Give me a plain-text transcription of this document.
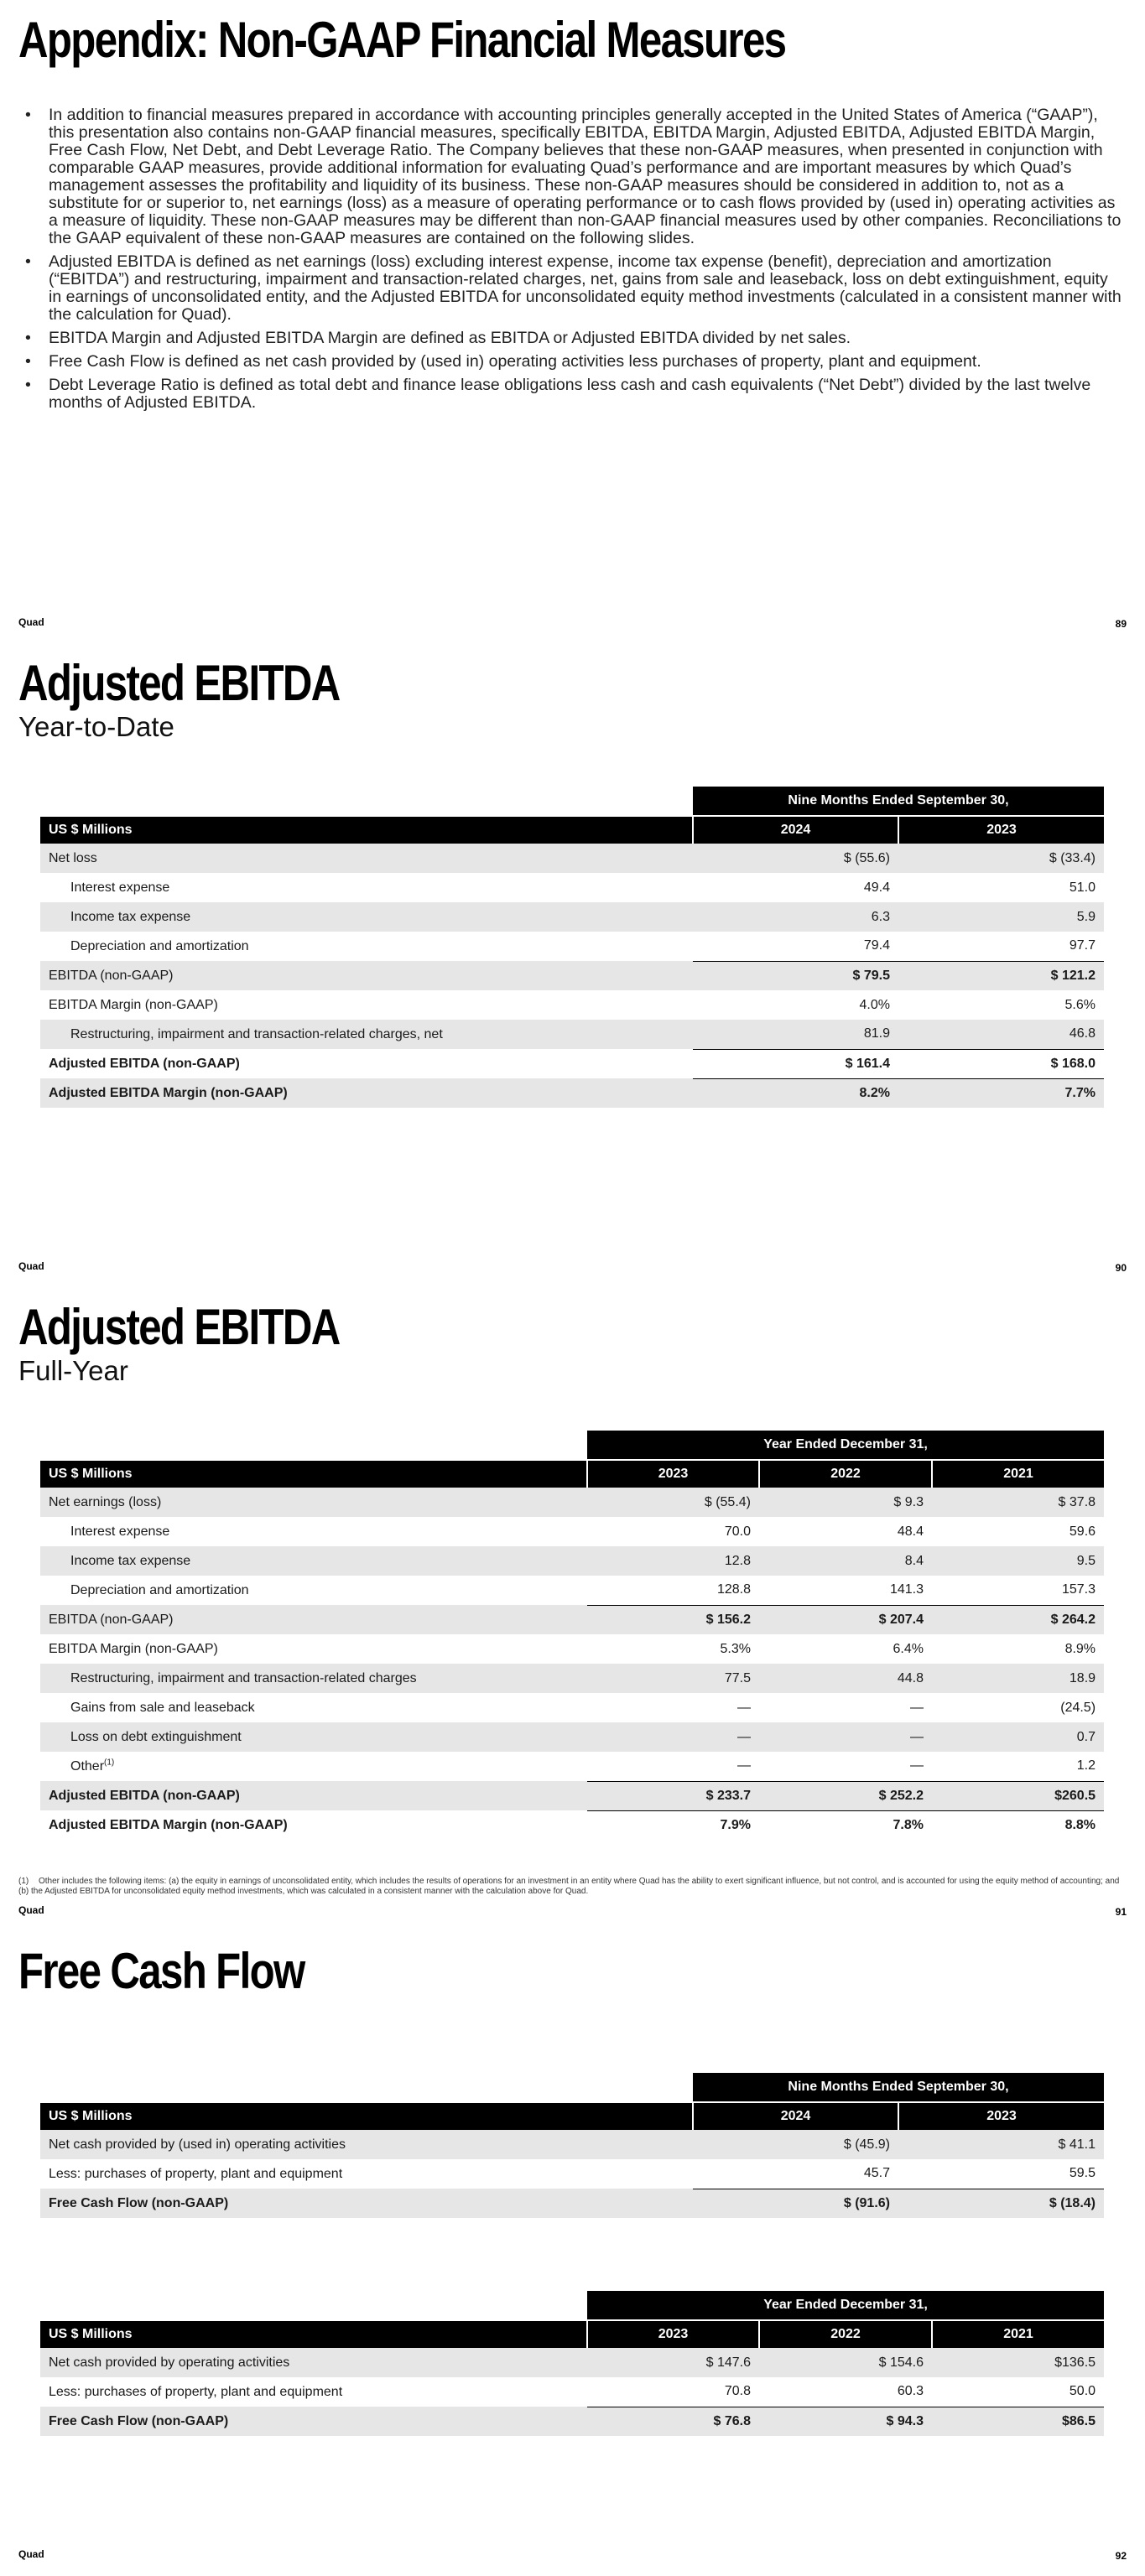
Appendix: Non-GAAP Financial Measures
• In addition to financial measures prepared in accordance with accounting principles generally accepted in the United States of America (“GAAP”), this presentation also contains non-GAAP financial measures, specifically EBITDA, EBITDA Margin, Adjusted EBITDA, Adjusted EBITDA Margin, Free Cash Flow, Net Debt, and Debt Leverage Ratio. The Company believes that these non-GAAP measures, when presented in conjunction with comparable GAAP measures, provide additional information for evaluating Quad’s performance and are important measures by which Quad’s management assesses the profitability and liquidity of its business. These non-GAAP measures should be considered in addition to, not as a substitute for or superior to, net earnings (loss) as a measure of operating performance or to cash flows provided by (used in) operating activities as a measure of liquidity. These non-GAAP measures may be different than non-GAAP financial measures used by other companies. Reconciliations to the GAAP equivalent of these non-GAAP measures are contained on the following slides.
• Adjusted EBITDA is defined as net earnings (loss) excluding interest expense, income tax expense (benefit), depreciation and amortization (“EBITDA”) and restructuring, impairment and transaction-related charges, net, gains from sale and leaseback, loss on debt extinguishment, equity in earnings of unconsolidated entity, and the Adjusted EBITDA for unconsolidated equity method investments (calculated in a consistent manner with the calculation for Quad).
• EBITDA Margin and Adjusted EBITDA Margin are defined as EBITDA or Adjusted EBITDA divided by net sales.
• Free Cash Flow is defined as net cash provided by (used in) operating activities less purchases of property, plant and equipment.
• Debt Leverage Ratio is defined as total debt and finance lease obligations less cash and cash equivalents (“Net Debt”) divided by the last twelve months of Adjusted EBITDA.
Quad	89
Adjusted EBITDA
Year-to-Date
	Nine Months Ended September 30,	
US $ Millions	2024	2023
Net loss	$ (55.6)	$ (33.4)
Interest expense	49.4	51.0
Income tax expense	6.3	5.9
Depreciation and amortization	79.4	97.7
EBITDA (non-GAAP)	$ 79.5	$ 121.2
EBITDA Margin (non-GAAP)	4.0%	5.6%
Restructuring, impairment and transaction-related charges, net	81.9	46.8
Adjusted EBITDA (non-GAAP)	$ 161.4	$ 168.0
Adjusted EBITDA Margin (non-GAAP)	8.2%	7.7%
Quad	90
Adjusted EBITDA
Full-Year
	Year Ended December 31,		
US $ Millions	2023	2022	2021
Net earnings (loss)	$ (55.4)	$ 9.3	$ 37.8
Interest expense	70.0	48.4	59.6
Income tax expense	12.8	8.4	9.5
Depreciation and amortization	128.8	141.3	157.3
EBITDA (non-GAAP)	$ 156.2	$ 207.4	$ 264.2
EBITDA Margin (non-GAAP)	5.3%	6.4%	8.9%
Restructuring, impairment and transaction-related charges	77.5	44.8	18.9
Gains from sale and leaseback	—	—	(24.5)
Loss on debt extinguishment	—	—	0.7
Other$^{(1)}$	—	—	1.2
Adjusted EBITDA (non-GAAP)	$ 233.7	$ 252.2	$260.5
Adjusted EBITDA Margin (non-GAAP)	7.9%	7.8%	8.8%
(1) Other includes the following items: (a) the equity in earnings of unconsolidated entity, which includes the results of operations for an investment in an entity where Quad has the ability to exert significant influence, but not control, and is accounted for using the equity method of accounting; and (b) the Adjusted EBITDA for unconsolidated equity method investments, which was calculated in a consistent manner with the calculation above for Quad.
Quad	91
Free Cash Flow
	Nine Months Ended September 30,	
US $ Millions	2024	2023
Net cash provided by (used in) operating activities	$ (45.9)	$ 41.1
Less: purchases of property, plant and equipment	45.7	59.5
Free Cash Flow (non-GAAP)	$ (91.6)	$ (18.4)
	Year Ended December 31,		
US $ Millions	2023	2022	2021
Net cash provided by operating activities	$ 147.6	$ 154.6	$136.5
Less: purchases of property, plant and equipment	70.8	60.3	50.0
Free Cash Flow (non-GAAP)	$ 76.8	$ 94.3	$86.5
Quad	92
